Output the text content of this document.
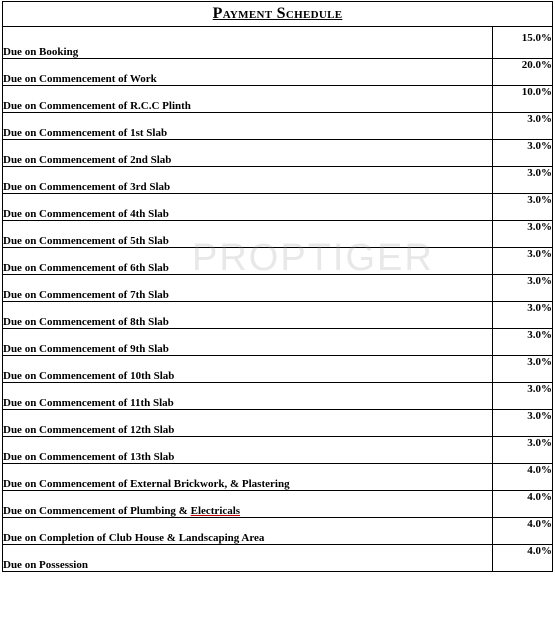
Payment Schedule	
Due on Booking	15.0%
Due on Commencement of Work	20.0%
Due on Commencement of R.C.C Plinth	10.0%
Due on Commencement of 1st Slab	3.0%
Due on Commencement of 2nd Slab	3.0%
Due on Commencement of 3rd Slab	3.0%
Due on Commencement of 4th Slab	3.0%
Due on Commencement of 5th Slab	3.0%
Due on Commencement of 6th Slab	3.0%
Due on Commencement of 7th Slab	3.0%
Due on Commencement of 8th Slab	3.0%
Due on Commencement of 9th Slab	3.0%
Due on Commencement of 10th Slab	3.0%
Due on Commencement of 11th Slab	3.0%
Due on Commencement of 12th Slab	3.0%
Due on Commencement of 13th Slab	3.0%
Due on Commencement of External Brickwork, & Plastering	4.0%
Due on Commencement of Plumbing & Electricals	4.0%
Due on Completion of Club House & Landscaping Area	4.0%
Due on Possession	4.0%
PROPTIGER
